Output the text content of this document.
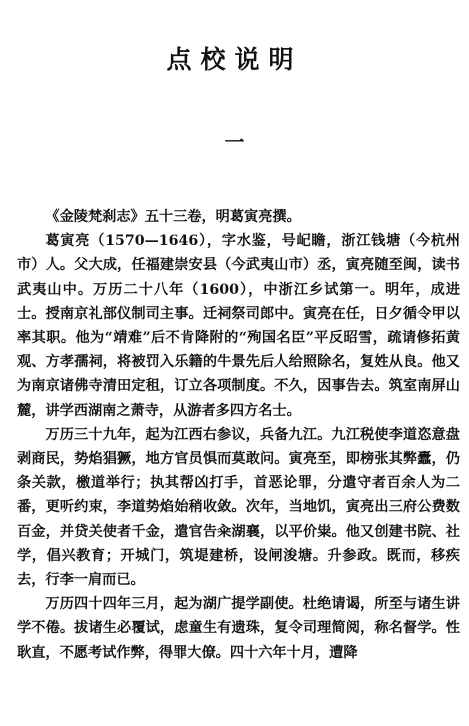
点校说明
一

《金陵梵刹志》五十三卷，明葛寅亮撰。

葛寅亮（1570—1646），字水鉴，号屺瞻，浙江钱塘（今杭州市）人。父大成，任福建崇安县（今武夷山市）丞，寅亮随至闽，读书武夷山中。万历二十八年（1600），中浙江乡试第一。明年，成进士。授南京礼部仪制司主事。迁祠祭司郎中。寅亮在任，日夕循令甲以率其职。他为“靖难”后不肯降附的“殉国名臣”平反昭雪，疏请修拓黄观、方孝孺祠，将被罚入乐籍的牛景先后人给照除名，复姓从良。他又为南京诸佛寺清田定租，订立各项制度。不久，因事告去。筑室南屏山麓，讲学西湖南之萧寺，从游者多四方名士。

万历三十九年，起为江西右参议，兵备九江。九江税使李道恣意盘剥商民，势焰猖獗，地方官员惧而莫敢问。寅亮至，即榜张其弊蠹，仍条关款，檄道举行；执其帮凶打手，首恶论罪，分遣守者百余人为二番，更听约束，李道势焰始稍收敛。次年，当地饥，寅亮出三府公费数百金，并贷关使者千金，遣官告籴湖襄，以平价粜。他又创建书院、社学，倡兴教育；开城门，筑堤建桥，设闸浚塘。升参政。既而，移疾去，行李一肩而已。

万历四十四年三月，起为湖广提学副使。杜绝请谒，所至与诸生讲学不倦。拔诸生必覆试，虑童生有遗珠，复令司理简阅，称名督学。性耿直，不愿考试作弊，得罪大僚。四十六年十月，遭降
